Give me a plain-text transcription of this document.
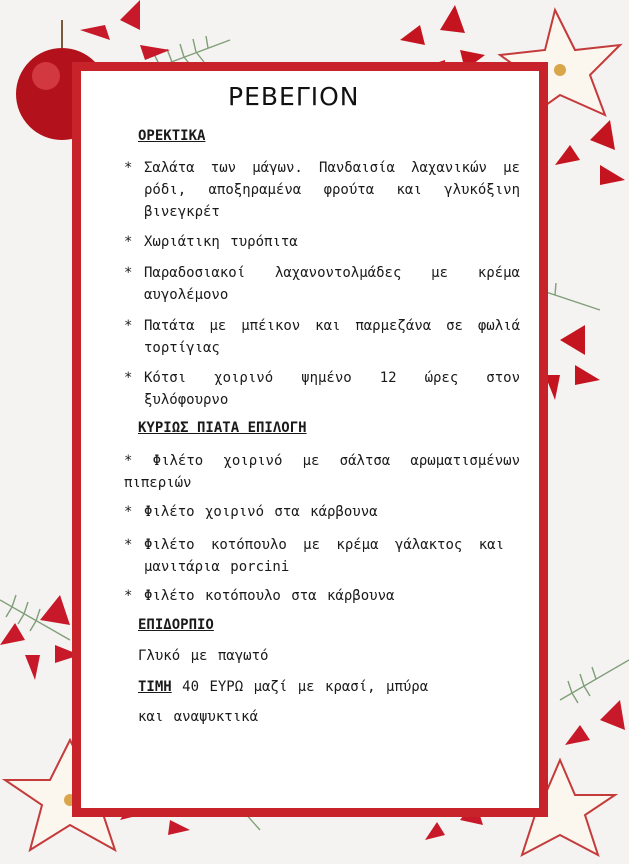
ΡΕΒΕΓΙΟΝ
ΟΡΕΚΤΙΚΑ
* Σαλάτα των μάγων. Πανδαισία λαχανικών με ρόδι, αποξηραμένα φρούτα και γλυκόξινη βινεγκρέτ
* Χωριάτικη τυρόπιτα
* Παραδοσιακοί λαχανοντολμάδες με κρέμα αυγολέμονο
* Πατάτα με μπέικον και παρμεζάνα σε φωλιά τορτίγιας
* Κότσι χοιρινό ψημένο 12 ώρες στον ξυλόφουρνο
ΚΥΡΙΩΣ ΠΙΑΤΑ ΕΠΙΛΟΓΗ
* Φιλέτο χοιρινό με σάλτσα αρωματισμένων πιπεριών
* Φιλέτο χοιρινό στα κάρβουνα
* Φιλέτο κοτόπουλο με κρέμα γάλακτος και μανιτάρια porcini
* Φιλέτο κοτόπουλο στα κάρβουνα
ΕΠΙΔΟΡΠΙΟ
Γλυκό με παγωτό
ΤΙΜΗ 40 ΕΥΡΩ μαζί με κρασί, μπύρα
και αναψυκτικά
